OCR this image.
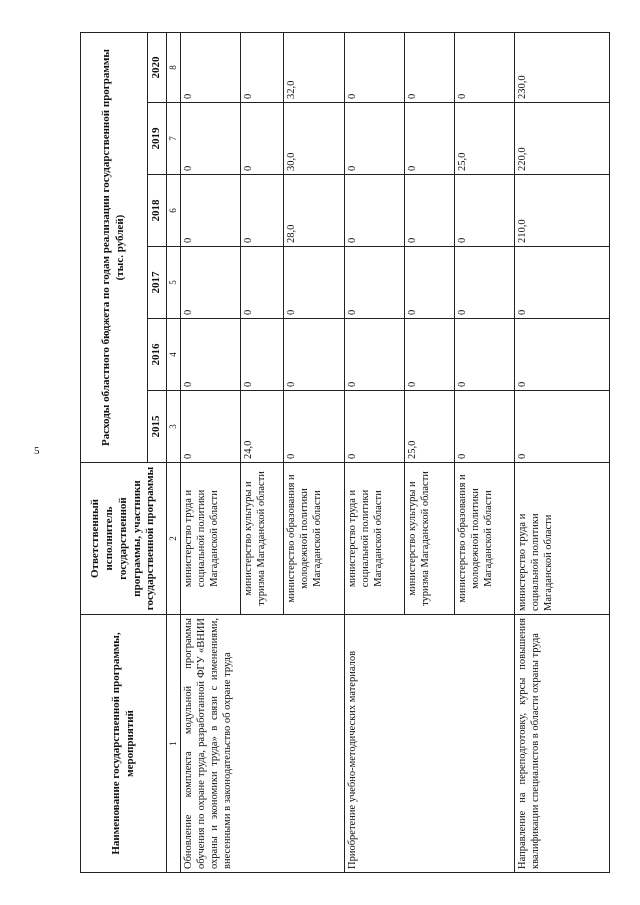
5
Наименование государственной программы, мероприятий	Ответственный исполнитель государственной программы, участники государственной программы	Расходы областного бюджета по годам реализации государственной программы (тыс. рублей)					
		2015	2016	2017	2018	2019	2020
1	2	3	4	5	6	7	8
Обновление комплекта модульной программы обучения по охране труда, разработанной ФГУ «ВНИИ охраны и экономики труда» в связи с изменениями, внесенными в законодательство об охране труда	министерство труда и социальной политики Магаданской области	0	0	0	0	0	0
	министерство культуры и туризма Магаданской области	24,0	0	0	0	0	0
	министерство образования и молодежной политики Магаданской области	0	0	0	28,0	30,0	32,0
Приобретение учебно-методических материалов	министерство труда и социальной политики Магаданской области	0	0	0	0	0	0
	министерство культуры и туризма Магаданской области	25,0	0	0	0	0	0
	министерство образования и молодежной политики Магаданской области	0	0	0	0	25,0	0
Направление на переподготовку, курсы повышения квалификации специалистов в области охраны труда	министерство труда и социальной политики Магаданской области	0	0	0	210,0	220,0	230,0
